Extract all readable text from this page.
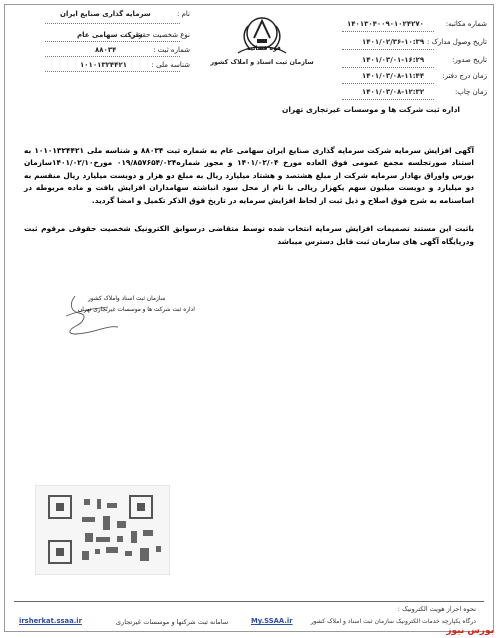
قوه قضائیه
سازمان ثبت اسناد و املاک کشور
نام :
نوع شخصیت حقوقی :
شماره ثبت :
شناسه ملی :
سرمایه گذاری صنایع ایران
شرکت سهامی عام
۸۸۰۳۴
۱۰۱۰۱۳۲۴۴۲۱
شماره مکاتبه:
تاریخ وصول مدارک :
تاریخ صدور:
زمان درج دفتر:
زمان چاپ:
۱۴۰۱۳۰۴۰۰۹۰۱۰۲۴۲۷۰
۱۴۰۱/۰۲/۳۶-۱۰:۳۹
۱۴۰۱/۰۳/۰۱-۱۶:۲۹
۱۴۰۱/۰۳/۰۸-۱۱:۴۴
۱۴۰۱/۰۳/۰۸-۱۲:۳۲
اداره ثبت شرکت ها و موسسات غیرتجاری تهران
آگهی افزایش سرمایه شرکت سرمایه گذاری صنایع ایران سهامی عام به شماره ثبت ۸۸۰۳۴ و شناسه ملی ۱۰۱۰۱۳۲۴۴۲۱ به استناد صورتجلسه مجمع عمومی فوق العاده مورخ ۱۴۰۱/۰۲/۰۴ و مجوز شماره۰۱۹/۸۵۷۶۵۴/۰۲۴ مورخ۱۴۰۱/۰۲/۱۰سازمان بورس واوراق بهادار سرمایه شرکت از مبلغ هشتصد و هشتاد میلیارد ریال به مبلغ دو هزار و دویست میلیارد ریال منقسم به دو میلیارد و دویست میلیون سهم یکهزار ریالی با نام از محل سود انباشته سهامداران افزایش یافت و ماده مربوطه در اساسنامه به شرح فوق اصلاح و ذیل ثبت از لحاظ افزایش سرمایه در تاریخ فوق الذکر تکمیل و امضا گردید.
باثبت این مستند تصمیمات افزایش سرمایه انتخاب شده توسط متقاضی درسوابق الکترونیک شخصیت حقوقی مرقوم ثبت ودرپایگاه آگهی های سازمان ثبت قابل دسترس میباشد
سازمان ثبت اسناد واملاک کشور
اداره ثبت شرکت ها و موسسات غیرتجاری تهران
نحوه احراز هویت الکترونیک :
درگاه یکپارچه خدمات الکترونیک سازمان ثبت اسناد و املاک کشور
سامانه ثبت شرکتها و موسسات غیرتجاری
irsherkat.ssaa.ir	My.SSAA.ir
بورس نیوز
